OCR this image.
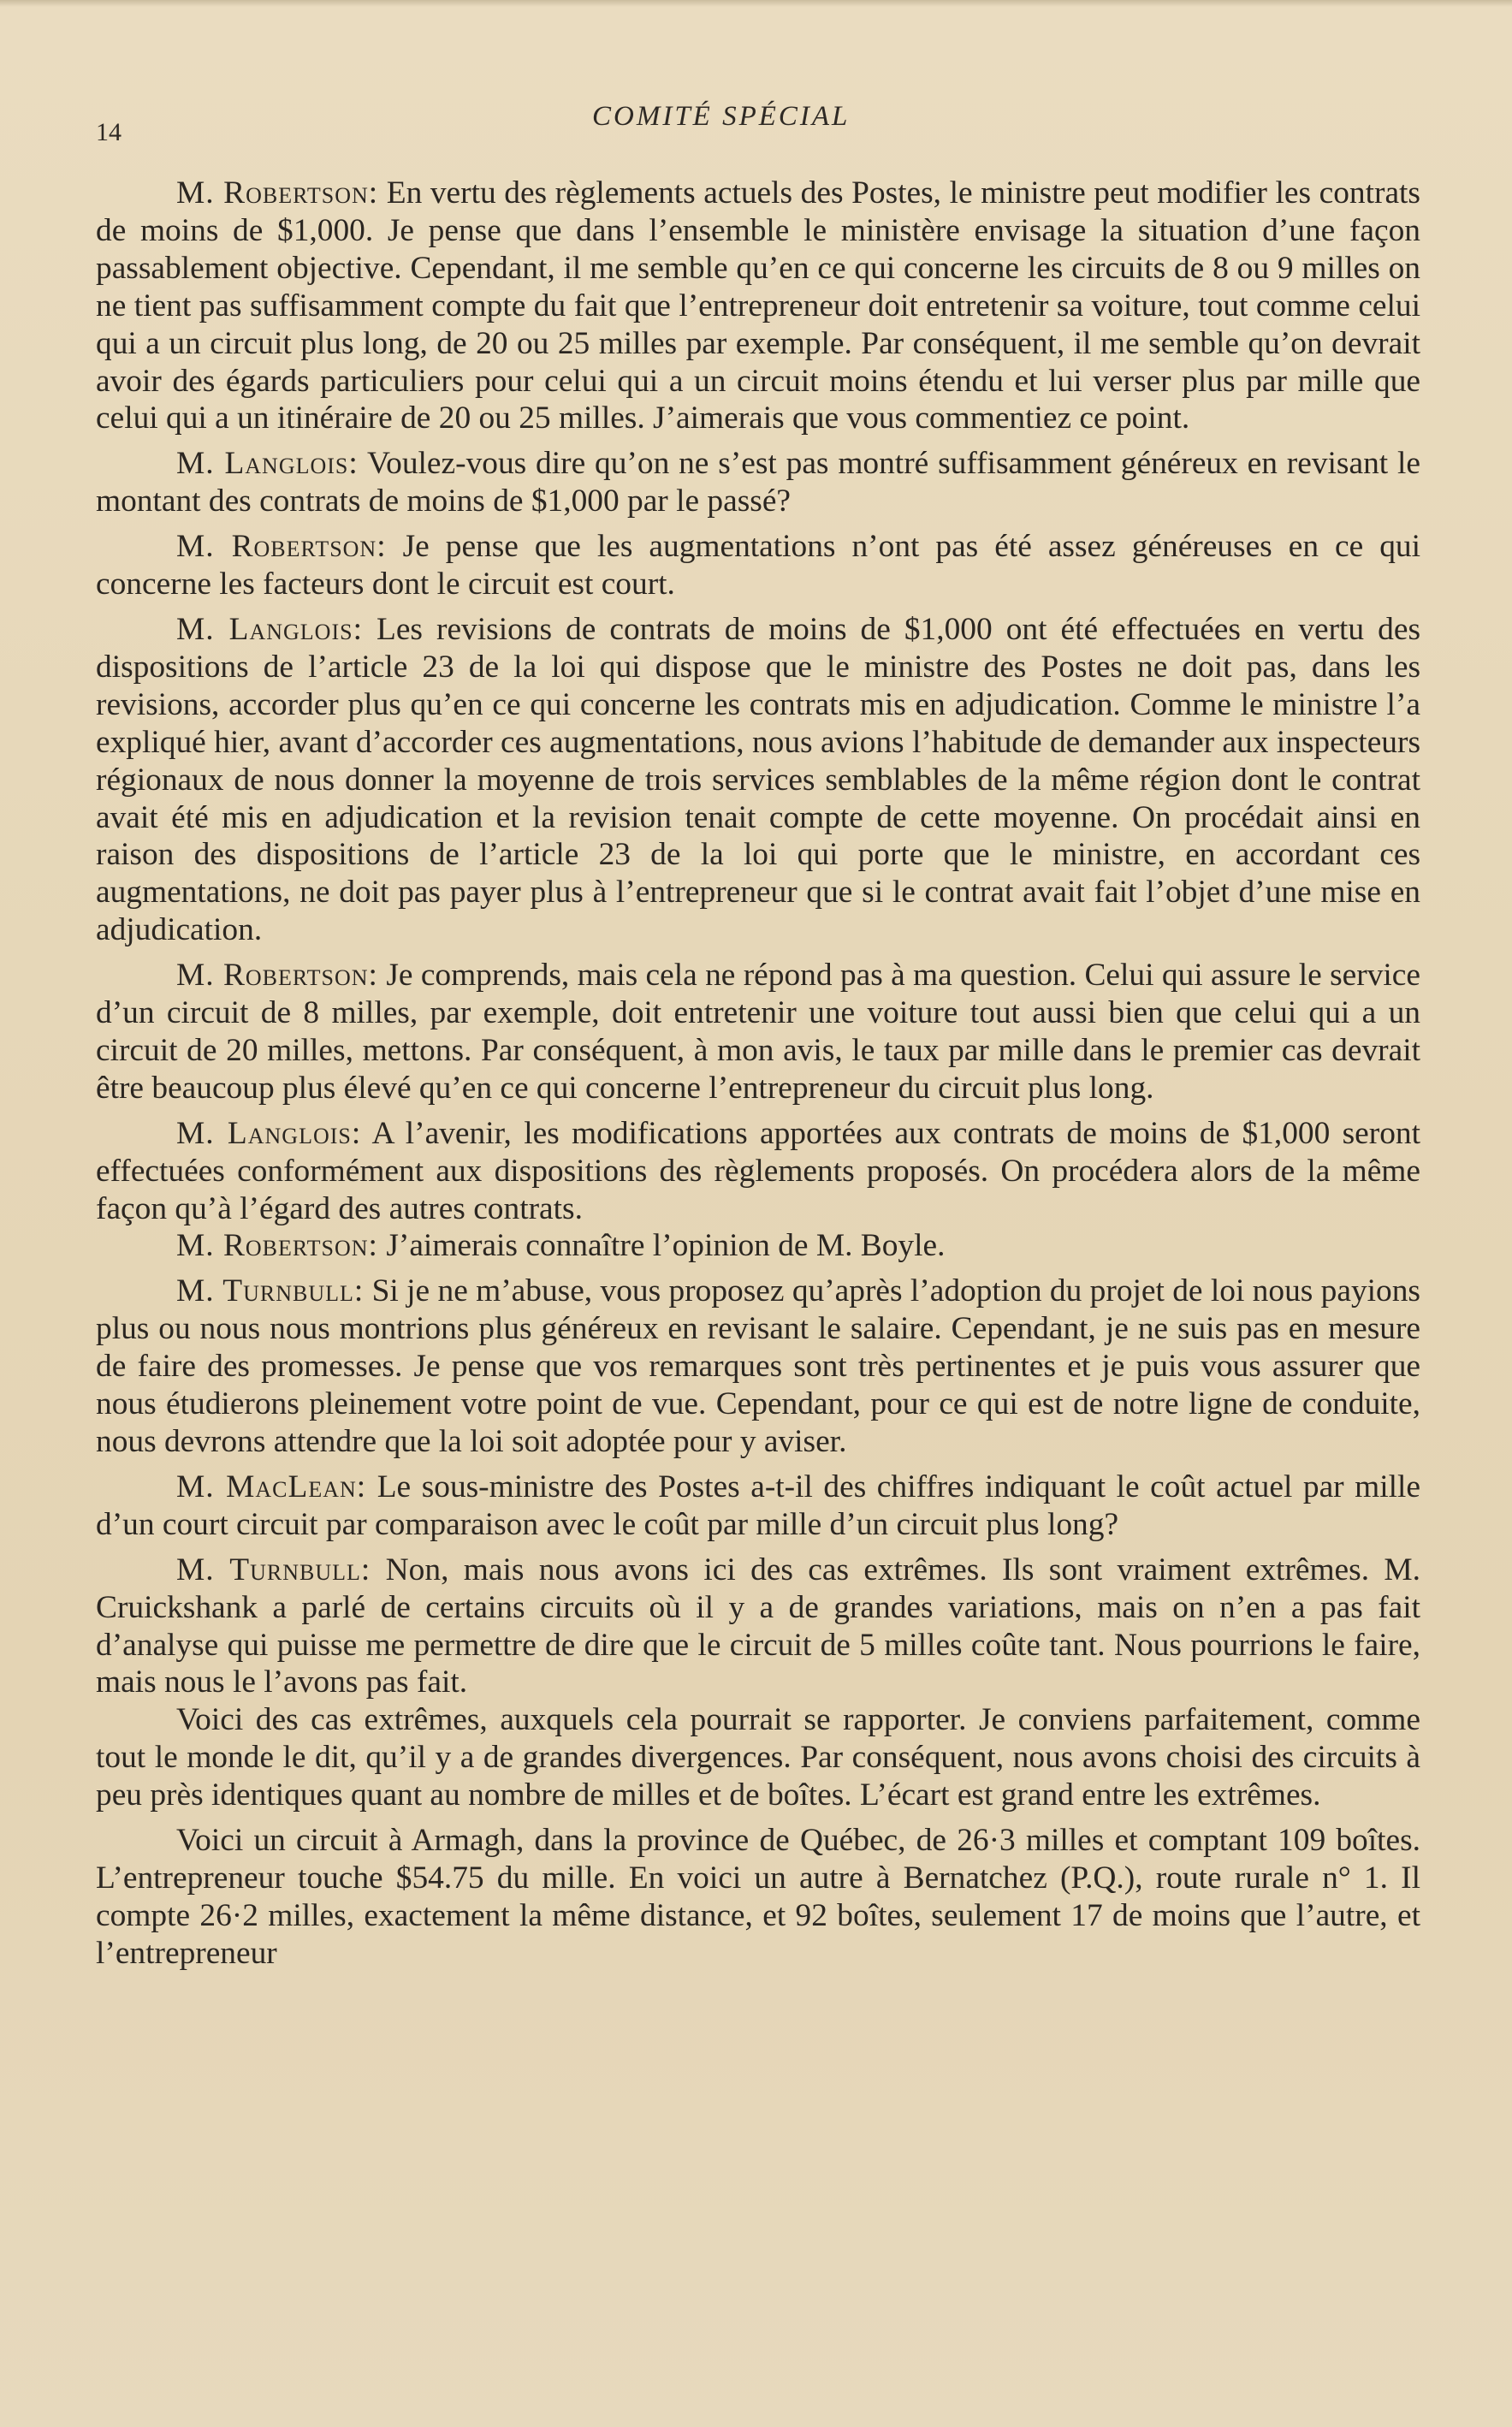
14
COMITÉ SPÉCIAL

M. Robertson: En vertu des règlements actuels des Postes, le ministre peut modifier les contrats de moins de $1,000. Je pense que dans l’ensemble le ministère envisage la situation d’une façon passablement objective. Cependant, il me semble qu’en ce qui concerne les circuits de 8 ou 9 milles on ne tient pas suffisamment compte du fait que l’entrepreneur doit entretenir sa voiture, tout comme celui qui a un circuit plus long, de 20 ou 25 milles par exemple. Par conséquent, il me semble qu’on devrait avoir des égards particuliers pour celui qui a un circuit moins étendu et lui verser plus par mille que celui qui a un itinéraire de 20 ou 25 milles. J’aimerais que vous commentiez ce point.

M. Langlois: Voulez-vous dire qu’on ne s’est pas montré suffisamment généreux en revisant le montant des contrats de moins de $1,000 par le passé?

M. Robertson: Je pense que les augmentations n’ont pas été assez généreuses en ce qui concerne les facteurs dont le circuit est court.

M. Langlois: Les revisions de contrats de moins de $1,000 ont été effectuées en vertu des dispositions de l’article 23 de la loi qui dispose que le ministre des Postes ne doit pas, dans les revisions, accorder plus qu’en ce qui concerne les contrats mis en adjudication. Comme le ministre l’a expliqué hier, avant d’accorder ces augmentations, nous avions l’habitude de demander aux inspecteurs régionaux de nous donner la moyenne de trois services semblables de la même région dont le contrat avait été mis en adjudication et la revision tenait compte de cette moyenne. On procédait ainsi en raison des dispositions de l’article 23 de la loi qui porte que le ministre, en accordant ces augmentations, ne doit pas payer plus à l’entrepreneur que si le contrat avait fait l’objet d’une mise en adjudication.

M. Robertson: Je comprends, mais cela ne répond pas à ma question. Celui qui assure le service d’un circuit de 8 milles, par exemple, doit entretenir une voiture tout aussi bien que celui qui a un circuit de 20 milles, mettons. Par conséquent, à mon avis, le taux par mille dans le premier cas devrait être beaucoup plus élevé qu’en ce qui concerne l’entrepreneur du circuit plus long.

M. Langlois: A l’avenir, les modifications apportées aux contrats de moins de $1,000 seront effectuées conformément aux dispositions des règlements proposés. On procédera alors de la même façon qu’à l’égard des autres contrats.

M. Robertson: J’aimerais connaître l’opinion de M. Boyle.

M. Turnbull: Si je ne m’abuse, vous proposez qu’après l’adoption du projet de loi nous payions plus ou nous nous montrions plus généreux en revisant le salaire. Cependant, je ne suis pas en mesure de faire des promesses. Je pense que vos remarques sont très pertinentes et je puis vous assurer que nous étudierons pleinement votre point de vue. Cependant, pour ce qui est de notre ligne de conduite, nous devrons attendre que la loi soit adoptée pour y aviser.

M. MacLean: Le sous-ministre des Postes a-t-il des chiffres indiquant le coût actuel par mille d’un court circuit par comparaison avec le coût par mille d’un circuit plus long?

M. Turnbull: Non, mais nous avons ici des cas extrêmes. Ils sont vraiment extrêmes. M. Cruickshank a parlé de certains circuits où il y a de grandes variations, mais on n’en a pas fait d’analyse qui puisse me permettre de dire que le circuit de 5 milles coûte tant. Nous pourrions le faire, mais nous le l’avons pas fait.

Voici des cas extrêmes, auxquels cela pourrait se rapporter. Je conviens parfaitement, comme tout le monde le dit, qu’il y a de grandes divergences. Par conséquent, nous avons choisi des circuits à peu près identiques quant au nombre de milles et de boîtes. L’écart est grand entre les extrêmes.

Voici un circuit à Armagh, dans la province de Québec, de 26·3 milles et comptant 109 boîtes. L’entrepreneur touche $54.75 du mille. En voici un autre à Bernatchez (P.Q.), route rurale n° 1. Il compte 26·2 milles, exactement la même distance, et 92 boîtes, seulement 17 de moins que l’autre, et l’entrepreneur
